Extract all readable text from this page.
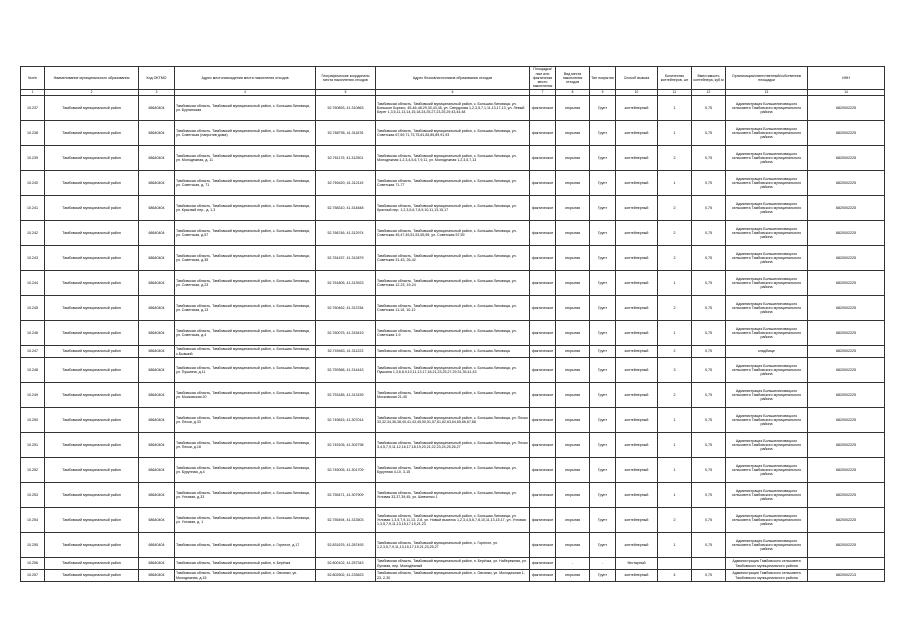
№п/п	Наименование муниципального образования	Код ОКТМО	Адрес местонахождения места накопления отходов	Географические координаты места накопления отходов	Адрес блоков/источников образования отходов	Площадка/ные или фактически место накопления	Вид места накопления отходов	Тип покрытия	Способ вывоза	Количество контейнеров, шт	Вместимость контейнера, куб.м	Организация/ответственный/собственник площадки	ИНН
1	2	3	4	5	6	7	8	9	10	11	12	13	14
10.237	Тамбовский муниципальный район	68640404	Тамбовская область, Тамбовский муниципальный район, с. Большая Липовица, ул. Бурнинская	52.760893, 41.310863	Тамбовская область, Тамбовский муниципальный район, с. Большая Липовица, ул. Большое Борисо, 45-46-48,29,30,43,45, ул. Свердлова 1,2,3,5,7,1,11,13,17,13, ул. Левый Берег 1,3,5,11,13,14,15,18,24,25,27,23,25,29,43,44,48	фактическое	открытая	Грунт	контейнерный	1	0,75	Администрация Большелиповицкого сельсовета Тамбовского муниципального района	6820002225
10.238	Тамбовский муниципальный район	68640404	Тамбовская область, Тамбовский муниципальный район, с. Большая Липовица, ул. Советская (напротив дома)	52.768795, 41.311876	Тамбовская область, Тамбовский муниципальный район, с. Большая Липовица, ул. Советская 67,69,71,73,75,81,83,85,89,91,93	фактическое	открытая	Грунт	контейнерный	1	0,75	Администрация Большелиповицкого сельсовета Тамбовского муниципального района	6820002225
10.239	Тамбовский муниципальный район	68640404	Тамбовская область, Тамбовский муниципальный район, с. Большая Липовица, ул. Молодежная, д. 11	52.761179, 41.312501	Тамбовская область, Тамбовский муниципальный район, с. Большая Липовица, ул. Молодежная 1,2,3,4,5,6,7,9,11, ул. Молодежная 1,2,3,5,7,13	фактическое	открытая	Грунт	контейнерный	2	0,75	Администрация Большелиповицкого сельсовета Тамбовского муниципального района	6820002225
10.240	Тамбовский муниципальный район	68640404	Тамбовская область, Тамбовский муниципальный район, с. Большая Липовица, ул. Советская, д. 71	52.769420, 41.312119	Тамбовская область, Тамбовский муниципальный район, с. Большая Липовица, ул. Советская 71-77	фактическое	открытая	Грунт	контейнерный	1	0,75	Администрация Большелиповицкого сельсовета Тамбовского муниципального района	6820002225
10.241	Тамбовский муниципальный район	68640404	Тамбовская область, Тамбовский муниципальный район, с. Большая Липовица, ул. Красный пер., д. 1,3	52.758310, 41.314848	Тамбовская область, Тамбовский муниципальный район, с. Большая Липовица, ул. Красный пер. 1,2,3,5,6,7,8,9,10,11,13,15,17	фактическое	открытая	Грунт	контейнерный	2	0,75	Администрация Большелиповицкого сельсовета Тамбовского муниципального района	6820002225
10.242	Тамбовский муниципальный район	68640404	Тамбовская область, Тамбовский муниципальный район, с. Большая Липовица, ул. Советская, д.57	52.766746, 41.312974	Тамбовская область, Тамбовский муниципальный район, с. Большая Липовица, ул. Советская 45,47,49,51,53,55,59, ул. Советская 57,59	фактическое	открытая	Грунт	контейнерный	2	0,75	Администрация Большелиповицкого сельсовета Тамбовского муниципального района	6820002225
10.243	Тамбовский муниципальный район	68640404	Тамбовская область, Тамбовский муниципальный район, с. Большая Липовица, ул. Советская, д.35	52.764157, 41.312879	Тамбовская область, Тамбовский муниципальный район, с. Большая Липовица, ул. Советская 31-43, 26-42	фактическое	открытая	Грунт	контейнерный	2	0,75	Администрация Большелиповицкого сельсовета Тамбовского муниципального района	6820002225
10.244	Тамбовский муниципальный район	68640404	Тамбовская область, Тамбовский муниципальный район, с. Большая Липовица, ул. Советская, д.23	52.761805, 41.313923	Тамбовская область, Тамбовский муниципальный район, с. Большая Липовица, ул. Советская 12-23, 19-24	фактическое	открытая	Грунт	контейнерный	1	0,75	Администрация Большелиповицкого сельсовета Тамбовского муниципального района	6820002225
10.245	Тамбовский муниципальный район	68640404	Тамбовская область, Тамбовский муниципальный район, с. Большая Липовица, ул. Советская, д.13	52.760462, 41.313784	Тамбовская область, Тамбовский муниципальный район, с. Большая Липовица, ул. Советская 11-15, 10-12	фактическое	открытая	Грунт	контейнерный	2	0,75	Администрация Большелиповицкого сельсовета Тамбовского муниципального района	6820002225
10.246	Тамбовский муниципальный район	68640404	Тамбовская область, Тамбовский муниципальный район, с. Большая Липовица, ул. Советская, д.4	52.760075, 41.315419	Тамбовская область, Тамбовский муниципальный район, с. Большая Липовица, ул. Советская 1-9	фактическое	открытая	Грунт	контейнерный	1	0,75	Администрация Большелиповицкого сельсовета Тамбовского муниципального района	6820002225
10.247	Тамбовский муниципальный район	68640404	Тамбовская область, Тамбовский муниципальный район, с. Большая Липовица, с.Бывший	52.749463, 41.311223	Тамбовская область, Тамбовский муниципальный район, с. Большая Липовица	фактическое	открытая	Грунт	контейнерный	2	0,75	кладбище	6820002225
10.248	Тамбовский муниципальный район	68640404	Тамбовская область, Тамбовский муниципальный район, с. Большая Липовица, ул. Пушкина, д.11	52.759368, 41.314443	Тамбовская область, Тамбовский муниципальный район, с. Большая Липовица, ул. Пушкина 1,3,6,8,9,10,11,13,17,18,21,23,25,27,29,31,35,41,43	фактическое	открытая	Грунт	контейнерный	3	0,75	Администрация Большелиповицкого сельсовета Тамбовского муниципального района	6820002225
10.249	Тамбовский муниципальный район	68640404	Тамбовская область, Тамбовский муниципальный район, с. Большая Липовица, ул. Московская 20	52.753185, 41.313159	Тамбовская область, Тамбовский муниципальный район, с. Большая Липовица, ул. Московская 21-40	фактическое	открытая	Грунт	контейнерный	2	0,75	Администрация Большелиповицкого сельсовета Тамбовского муниципального района	6820002225
10.250	Тамбовский муниципальный район	68640404	Тамбовская область, Тамбовский муниципальный район, с. Большая Липовица, ул. Пески, д.33	52.749815, 41.307014	Тамбовская область, Тамбовский муниципальный район, с. Большая Липовица, ул. Пески 33,32,34,36,38,40,41,43,45,50,51,57,61,62,63,64,65,66,67,68	фактическое	открытая	Грунт	контейнерный	1	0,75	Администрация Большелиповицкого сельсовета Тамбовского муниципального района	6820002225
10.251	Тамбовский муниципальный район	68640404	Тамбовская область, Тамбовский муниципальный район, с. Большая Липовица, ул. Пески, д.18	52.749105, 41.302798	Тамбовская область, Тамбовский муниципальный район, с. Большая Липовица, ул. Пески 3,4,5,7,9,11,12,16,17,18,19,20,21,22,23,24,25,26,27	фактическое	открытая	Грунт	контейнерный	1	0,75	Администрация Большелиповицкого сельсовета Тамбовского муниципального района	6820002225
10.252	Тамбовский муниципальный район	68640404	Тамбовская область, Тамбовский муниципальный район, с. Большая Липовица, ул. Бурунная, д.4	52.745005, 41.301709	Тамбовская область, Тамбовский муниципальный район, с. Большая Липовица, ул. Бурунная 4-10, 3-15	фактическое	открытая	Грунт	контейнерный	1	0,75	Администрация Большелиповицкого сельсовета Тамбовского муниципального района	6820002225
10.253	Тамбовский муниципальный район	68640404	Тамбовская область, Тамбовский муниципальный район, с. Большая Липовица, ул. Угловая, д.33	52.755471, 41.307909	Тамбовская область, Тамбовский муниципальный район, с. Большая Липовица, ул. Угловая 33,37,39,45, ул. Шевченко 1	фактическое	открытая	Грунт	контейнерный	1	0,75	Администрация Большелиповицкого сельсовета Тамбовского муниципального района	6820002225
10.254	Тамбовский муниципальный район	68640404	Тамбовская область, Тамбовский муниципальный район, с. Большая Липовица, ул. Угловая, д. 1	52.755494, 41.313503	Тамбовская область, Тамбовский муниципальный район, с. Большая Липовица, ул. Угловая 1,3,5,7,9,11,13, 2-8, ул. Новый выселок 1,2,3,4,5,6,7,8,10,11,13,15,17, ул. Угловая 1,3,5,7,9,11,13,15,17,19,21,23	фактическое	открытая	Грунт	контейнерный	2	0,75	Администрация Большелиповицкого сельсовета Тамбовского муниципального района	6820002225
10.255	Тамбовский муниципальный район	68640404	Тамбовская область, Тамбовский муниципальный район, с. Горелое, д.17	52.831676, 41.287493	Тамбовская область, Тамбовский муниципальный район, с. Горелое, ул. 1,2,3,5,7,9,11,13,15,17,19,21,23,25,27	фактическое	открытая	Грунт	контейнерный	1	0,75	Администрация Большелиповицкого сельсовета Тамбовского муниципального района	6820002225
10.256	Тамбовский муниципальный район	68640404	Тамбовская область, Тамбовский муниципальный район, п. Берёзка	52.800102, 41.257343	Тамбовская область, Тамбовский муниципальный район, п. Берёзка, ул. Набережная, ул. Луговая, пер. Молодёжный	фактическое	-	-	бестарный			Администрация Тамбовского сельсовета Тамбовского муниципального района	
10.257	Тамбовский муниципальный район	68640404	Тамбовская область, Тамбовский муниципальный район, с. Овсянки, ул. Молодежная, д.15	52.802502, 41.233623	Тамбовская область, Тамбовский муниципальный район, с. Овсянки, ул. Молодежная 1-23, 2-30	фактическое	открытая	Грунт	контейнерный	4	0,75	Администрация Тамбовского сельсовета Тамбовского муниципального района	6820002213
